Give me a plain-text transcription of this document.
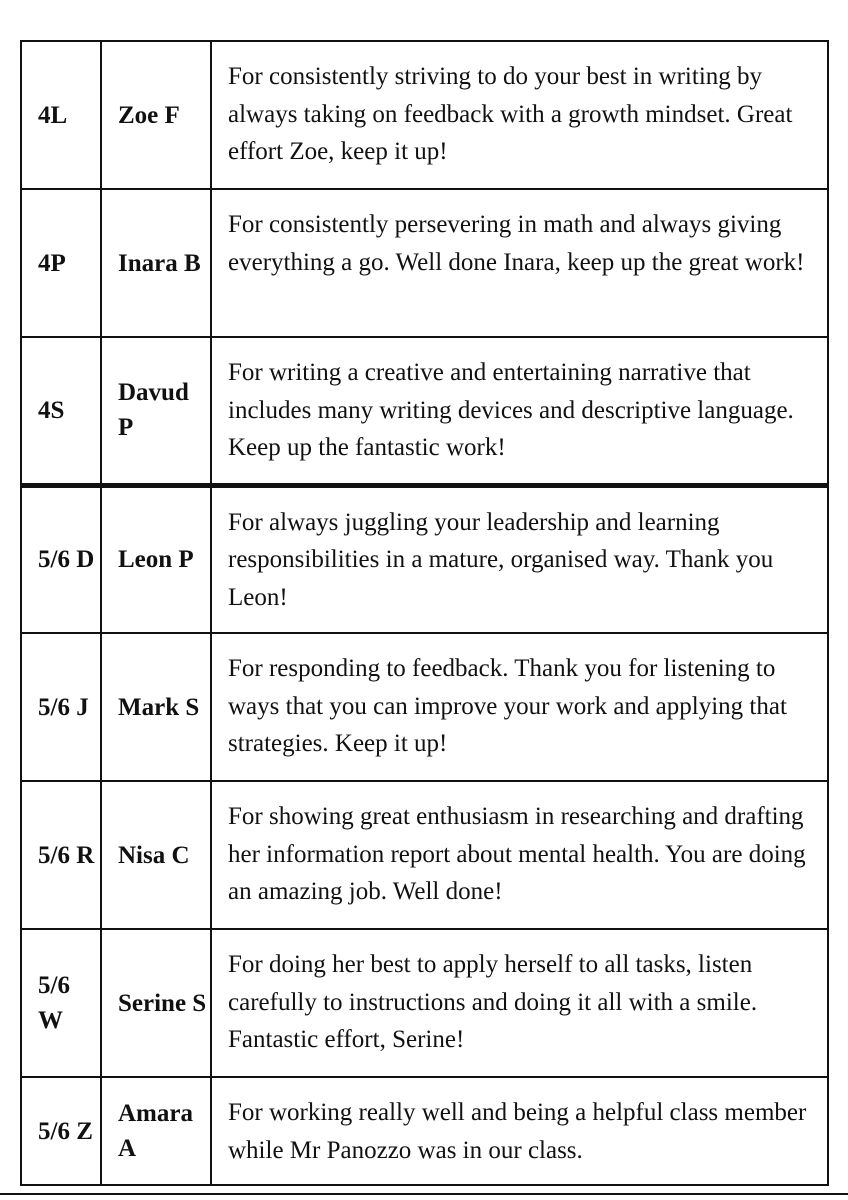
4L	Zoe F	For consistently striving to do your best in writing by always taking on feedback with a growth mindset. Great effort Zoe, keep it up!
4P	Inara B	For consistently persevering in math and always giving everything a go. Well done Inara, keep up the great work!
4S	Davud P	For writing a creative and entertaining narrative that includes many writing devices and descriptive language. Keep up the fantastic work!
5/6 D	Leon P	For always juggling your leadership and learning responsibilities in a mature, organised way. Thank you Leon!
5/6 J	Mark S	For responding to feedback. Thank you for listening to ways that you can improve your work and applying that strategies. Keep it up!
5/6 R	Nisa C	For showing great enthusiasm in researching and drafting her information report about mental health. You are doing an amazing job. Well done!
5/6 W	Serine S	For doing her best to apply herself to all tasks, listen carefully to instructions and doing it all with a smile. Fantastic effort, Serine!
5/6 Z	Amara A	For working really well and being a helpful class member while Mr Panozzo was in our class.
